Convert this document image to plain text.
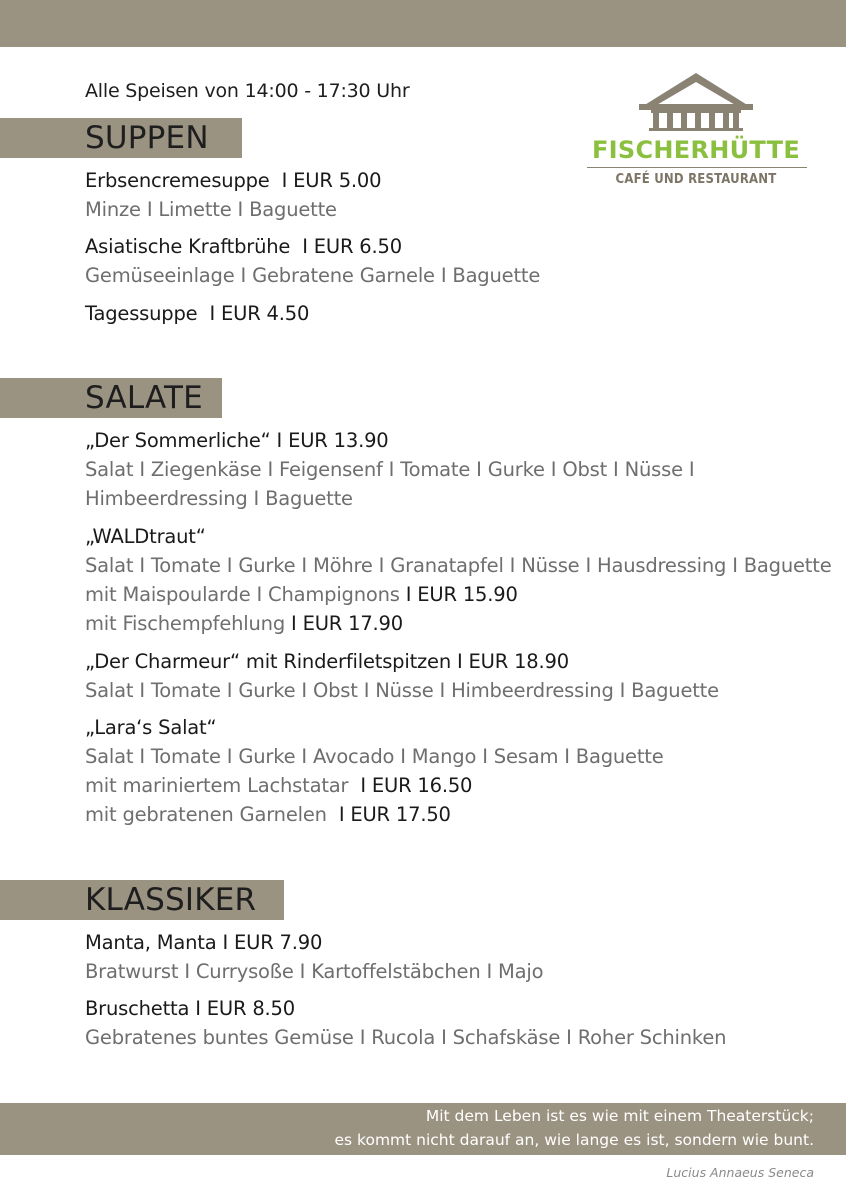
Alle Speisen von 14:00 - 17:30 Uhr
FISCHERHÜTTE
CAFÉ UND RESTAURANT
SUPPEN
Erbsencremesuppe I EUR 5.00
Minze I Limette I Baguette
Asiatische Kraftbrühe I EUR 6.50
Gemüseeinlage I Gebratene Garnele I Baguette
Tagessuppe I EUR 4.50
SALATE
„Der Sommerliche“ I EUR 13.90
Salat I Ziegenkäse I Feigensenf I Tomate I Gurke I Obst I Nüsse I
Himbeerdressing I Baguette
„WALDtraut“
Salat I Tomate I Gurke I Möhre I Granatapfel I Nüsse I Hausdressing I Baguette
mit Maispoularde I Champignons I EUR 15.90
mit Fischempfehlung I EUR 17.90
„Der Charmeur“ mit Rinderfiletspitzen I EUR 18.90
Salat I Tomate I Gurke I Obst I Nüsse I Himbeerdressing I Baguette
„Lara‘s Salat“
Salat I Tomate I Gurke I Avocado I Mango I Sesam I Baguette
mit mariniertem Lachstatar I EUR 16.50
mit gebratenen Garnelen I EUR 17.50
KLASSIKER
Manta, Manta I EUR 7.90
Bratwurst I Currysoße I Kartoffelstäbchen I Majo
Bruschetta I EUR 8.50
Gebratenes buntes Gemüse I Rucola I Schafskäse I Roher Schinken
Mit dem Leben ist es wie mit einem Theaterstück;
es kommt nicht darauf an, wie lange es ist, sondern wie bunt.
Lucius Annaeus Seneca
